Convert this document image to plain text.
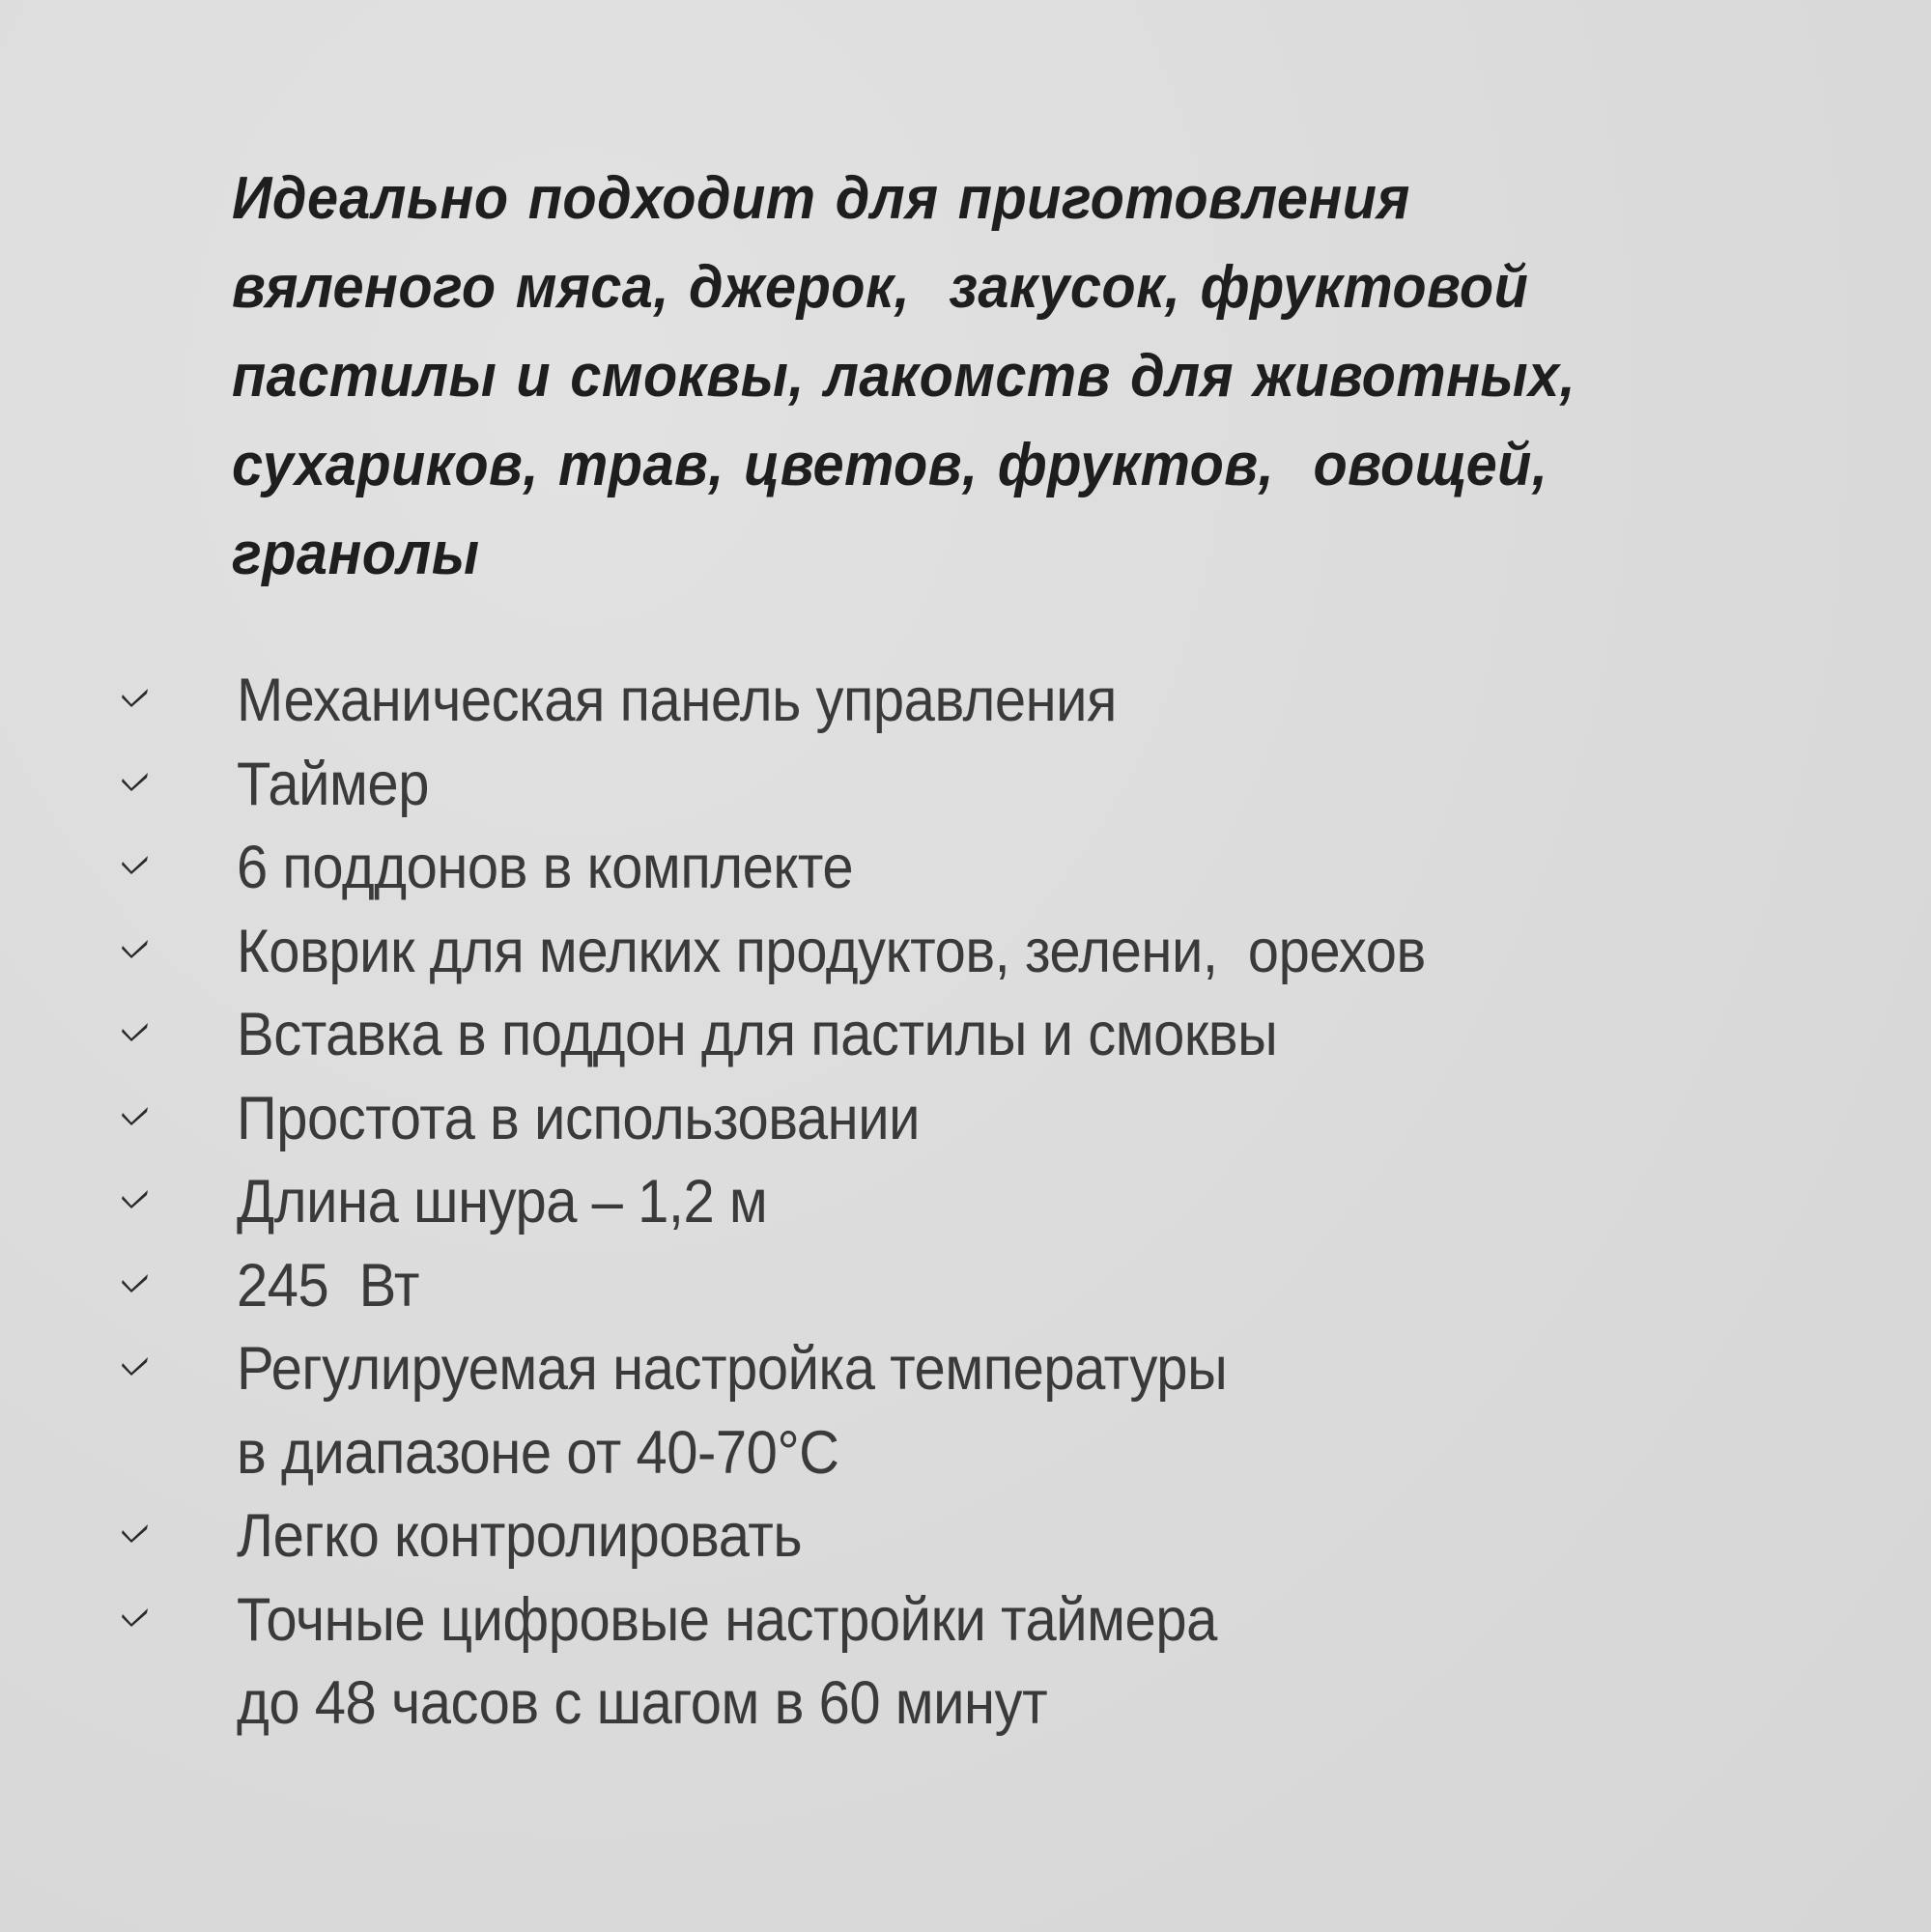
Идеально подходит для приготовления
вяленого мяса, джерок,  закусок, фруктовой
пастилы и смоквы, лакомств для животных,
сухариков, трав, цветов, фруктов,  овощей,
гранолы
Механическая панель управления
Таймер
6 поддонов в комплекте
Коврик для мелких продуктов, зелени,  орехов
Вставка в поддон для пастилы и смоквы
Простота в использовании
Длина шнура – 1,2 м
245  Вт
Регулируемая настройка температуры
в диапазоне от 40-70°C
Легко контролировать
Точные цифровые настройки таймера
до 48 часов с шагом в 60 минут
